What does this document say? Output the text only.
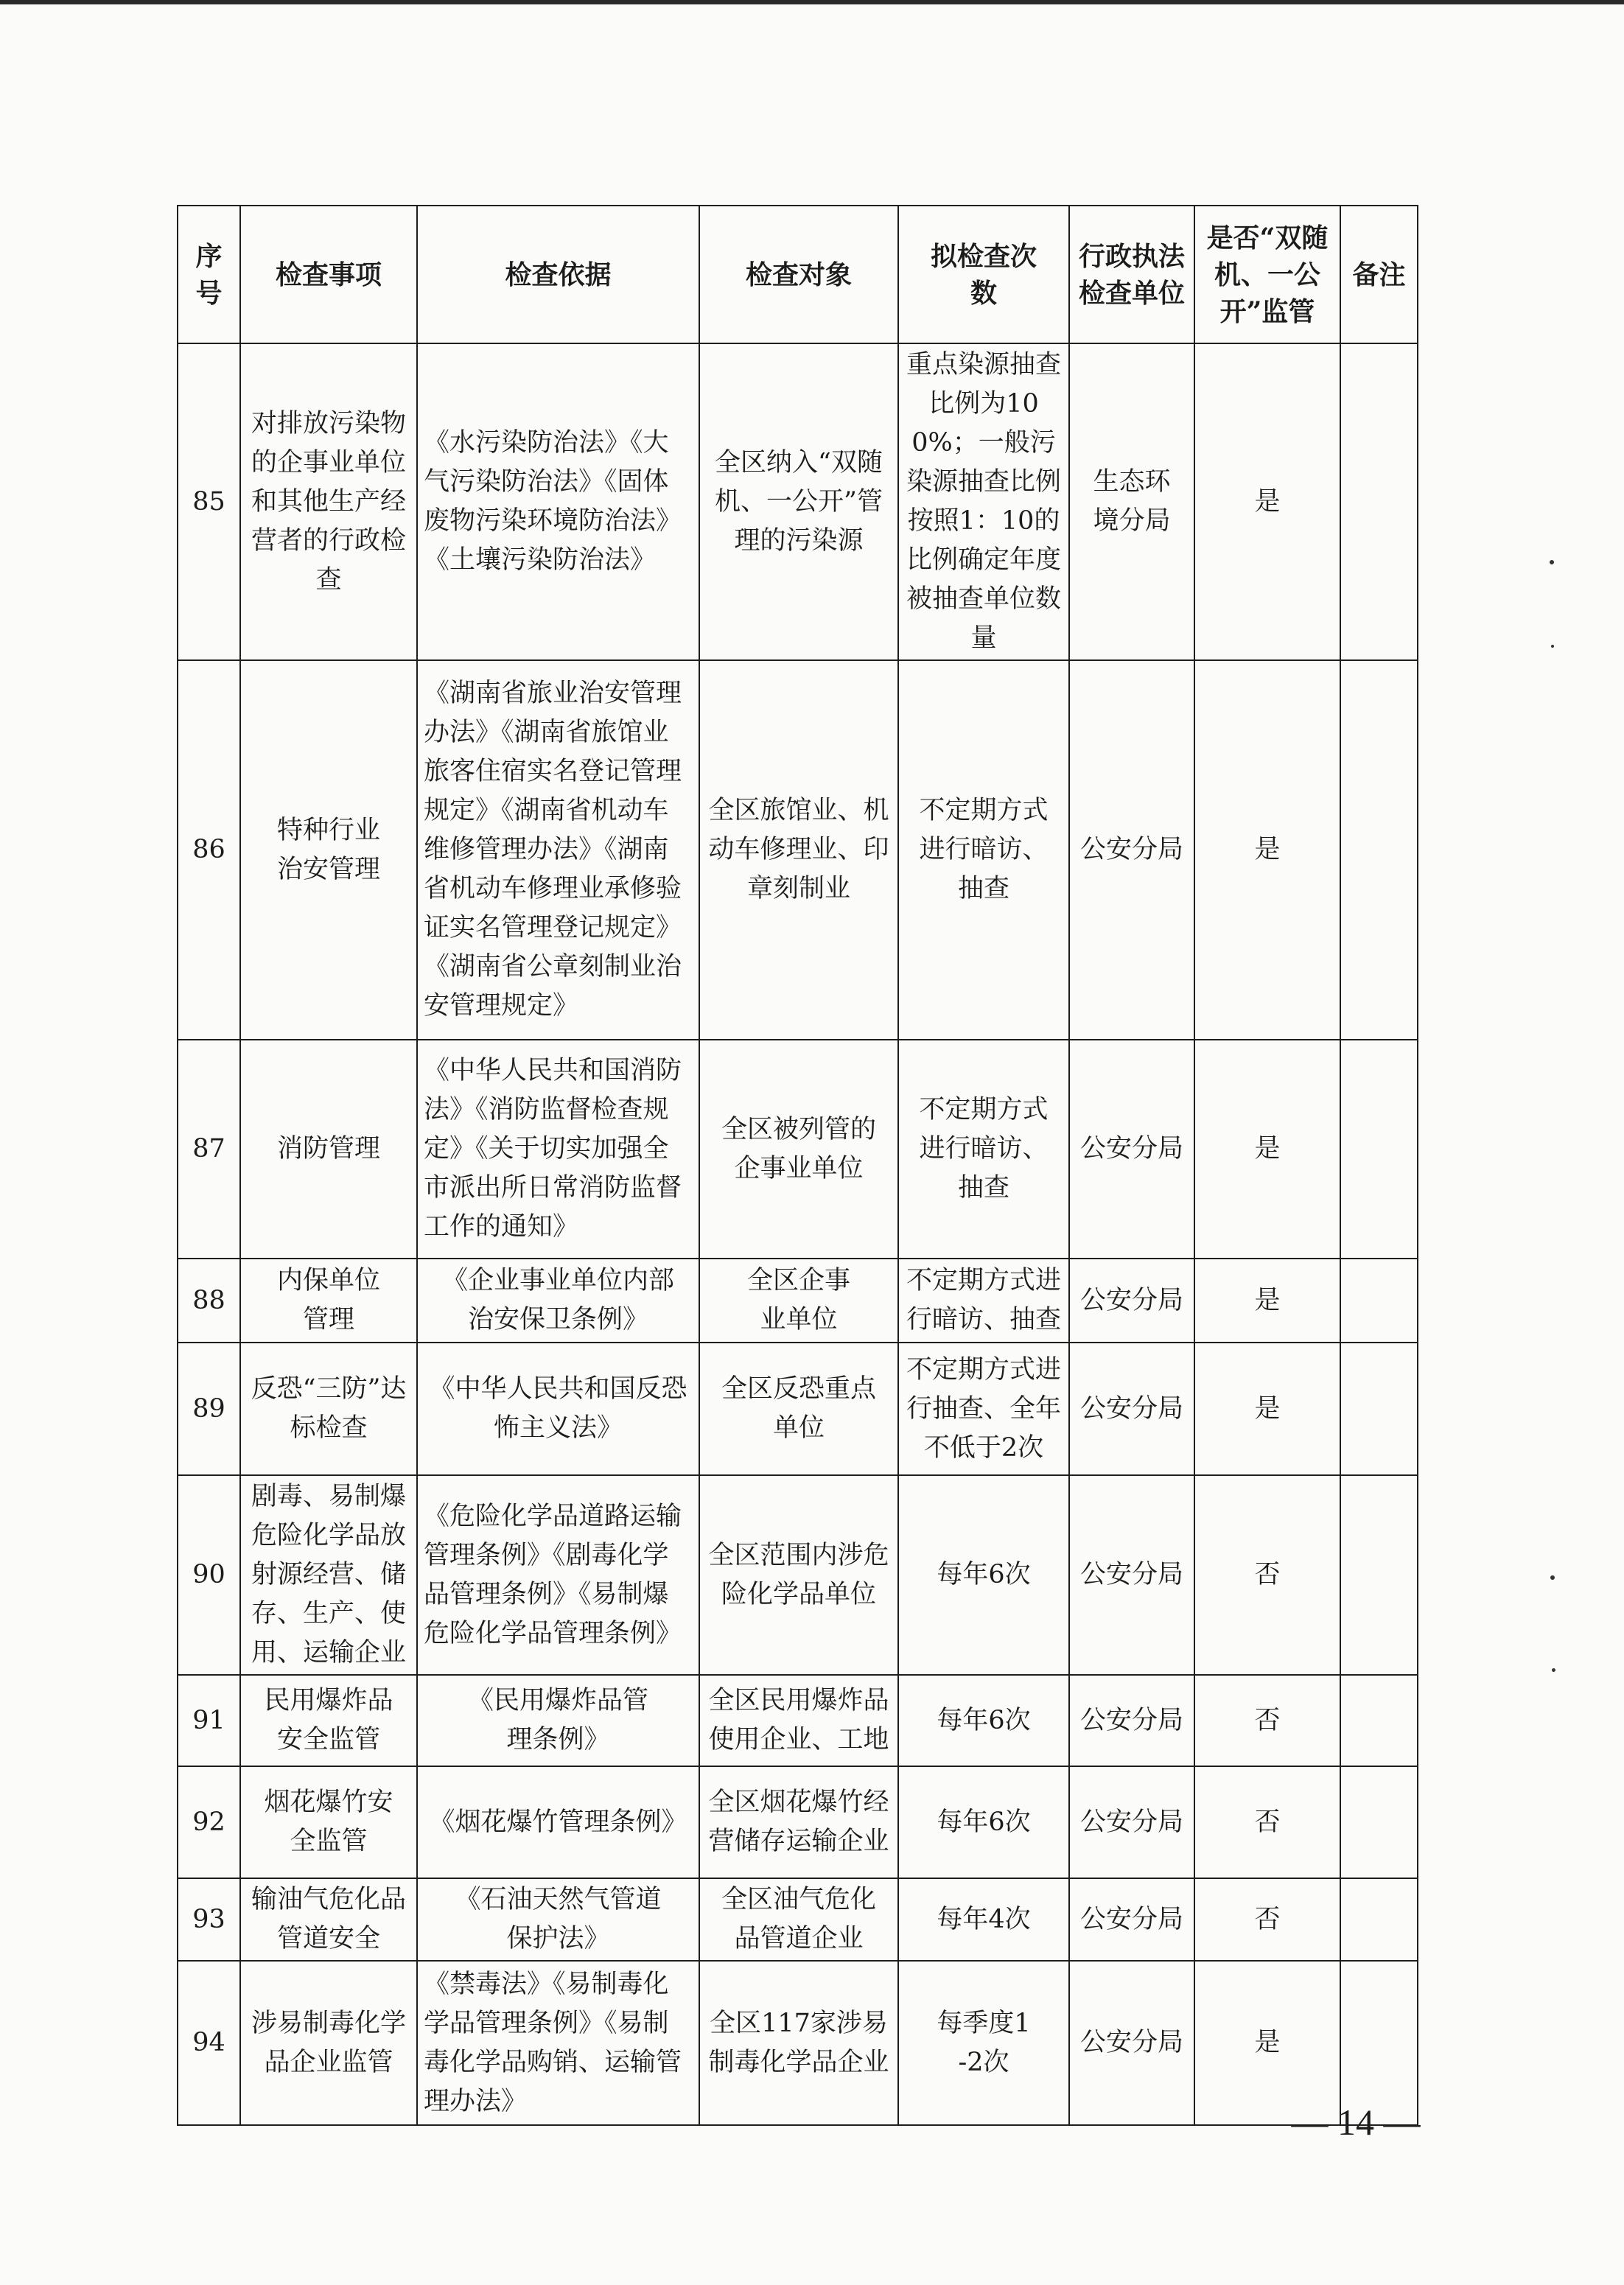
序号	检查事项	检查依据	检查对象	拟检查次数	行政执法检查单位	是否“双随机、一公开”监管	备注
85	对排放污染物的企事业单位和其他生产经营者的行政检查	《水污染防治法》《大气污染防治法》《固体废物污染环境防治法》《土壤污染防治法》	全区纳入“双随机、一公开”管理的污染源	重点染源抽查比例为100%；一般污染源抽查比例按照1：10的比例确定年度被抽查单位数量	生态环境分局	是	
86	特种行业治安管理	《湖南省旅业治安管理办法》《湖南省旅馆业旅客住宿实名登记管理规定》《湖南省机动车维修管理办法》《湖南省机动车修理业承修验证实名管理登记规定》《湖南省公章刻制业治安管理规定》	全区旅馆业、机动车修理业、印章刻制业	不定期方式进行暗访、抽查	公安分局	是	
87	消防管理	《中华人民共和国消防法》《消防监督检查规定》《关于切实加强全市派出所日常消防监督工作的通知》	全区被列管的企事业单位	不定期方式进行暗访、抽查	公安分局	是	
88	内保单位管理	《企业事业单位内部治安保卫条例》	全区企事业单位	不定期方式进行暗访、抽查	公安分局	是	
89	反恐“三防”达标检查	《中华人民共和国反恐怖主义法》	全区反恐重点单位	不定期方式进行抽查、全年不低于2次	公安分局	是	
90	剧毒、易制爆危险化学品放射源经营、储存、生产、使用、运输企业	《危险化学品道路运输管理条例》《剧毒化学品管理条例》《易制爆危险化学品管理条例》	全区范围内涉危险化学品单位	每年6次	公安分局	否	
91	民用爆炸品安全监管	《民用爆炸品管理条例》	全区民用爆炸品使用企业、工地	每年6次	公安分局	否	
92	烟花爆竹安全监管	《烟花爆竹管理条例》	全区烟花爆竹经营储存运输企业	每年6次	公安分局	否	
93	输油气危化品管道安全	《石油天然气管道保护法》	全区油气危化品管道企业	每年4次	公安分局	否	
94	涉易制毒化学品企业监管	《禁毒法》《易制毒化学品管理条例》《易制毒化学品购销、运输管理办法》	全区117家涉易制毒化学品企业	每季度1-2次	公安分局	是	
— 14 —
